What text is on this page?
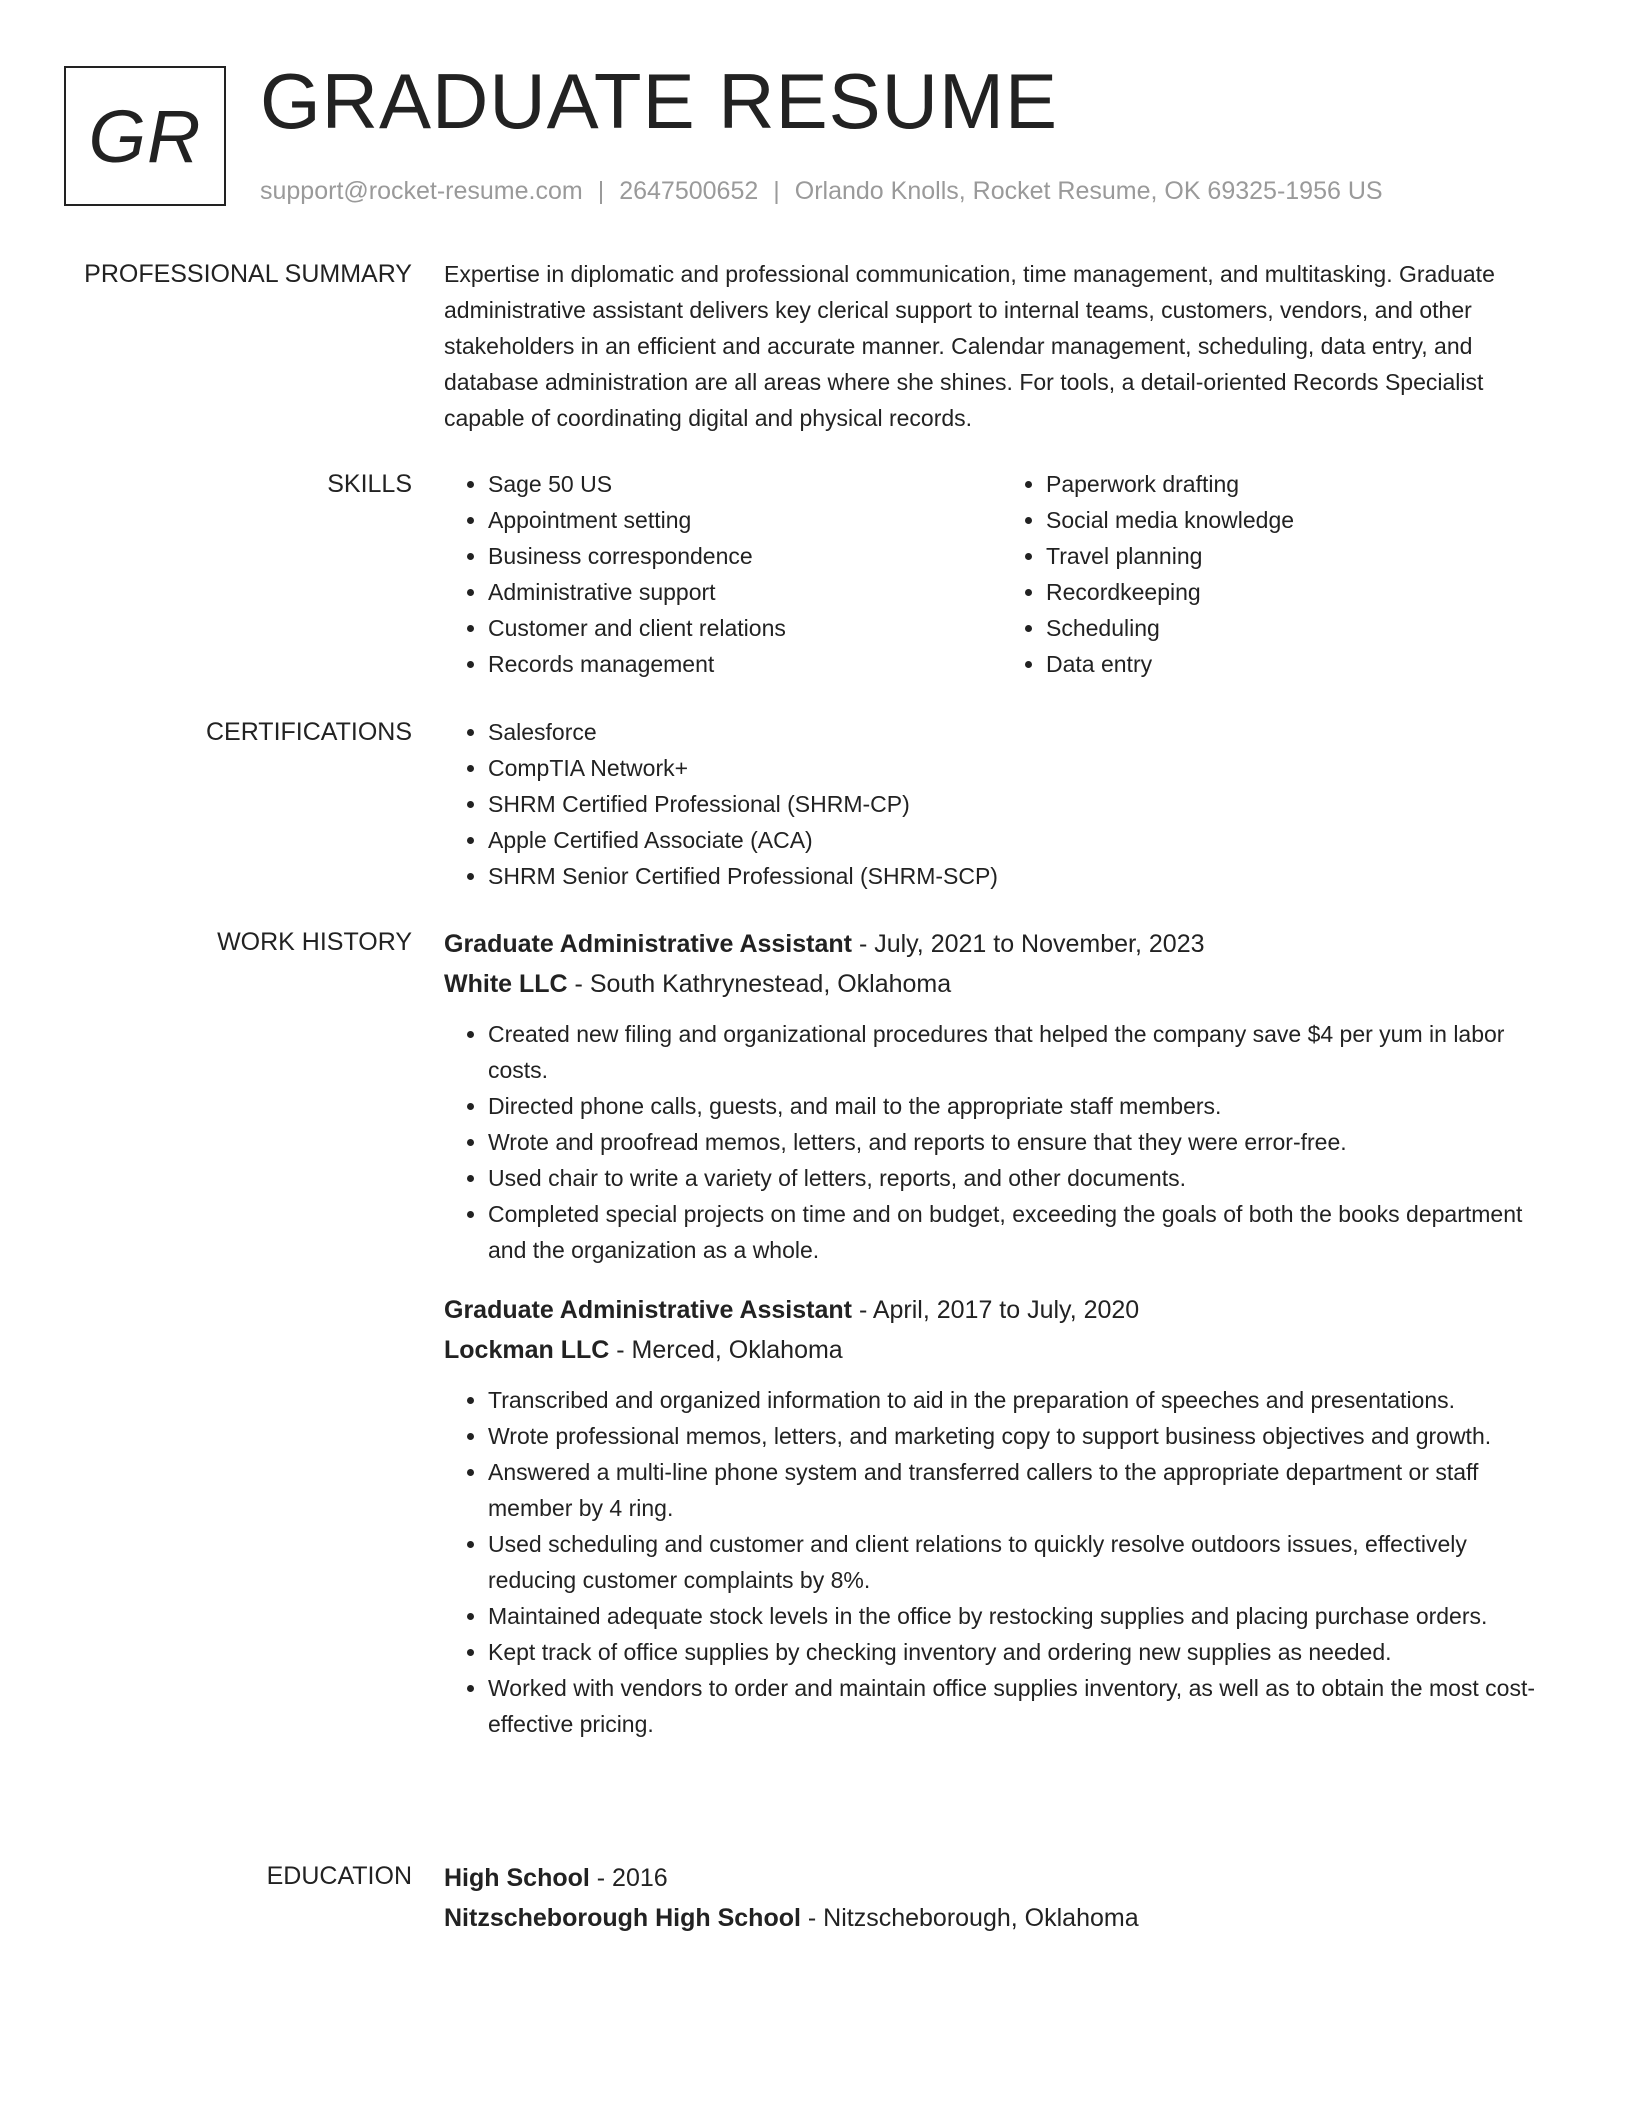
GR GRADUATE RESUME
support@rocket-resume.com | 2647500652 | Orlando Knolls, Rocket Resume, OK 69325-1956 US
PROFESSIONAL SUMMARY Expertise in diplomatic and professional communication, time management, and multitasking. Graduate administrative assistant delivers key clerical support to internal teams, customers, vendors, and other stakeholders in an efficient and accurate manner. Calendar management, scheduling, data entry, and database administration are all areas where she shines. For tools, a detail-oriented Records Specialist capable of coordinating digital and physical records.

SKILLS	• Sage 50 US
• Appointment setting
• Business correspondence
• Administrative support
• Customer and client relations
• Records management
• Paperwork drafting
• Social media knowledge
• Travel planning
• Recordkeeping
• Scheduling
• Data entry
CERTIFICATIONS	• Salesforce
• CompTIA Network+
• SHRM Certified Professional (SHRM-CP)
• Apple Certified Associate (ACA)
• SHRM Senior Certified Professional (SHRM-SCP)
WORK HISTORY Graduate Administrative Assistant - July, 2021 to November, 2023
White LLC - South Kathrynestead, Oklahoma
• Created new filing and organizational procedures that helped the company save $4 per yum in labor costs.
• Directed phone calls, guests, and mail to the appropriate staff members.
• Wrote and proofread memos, letters, and reports to ensure that they were error-free.
• Used chair to write a variety of letters, reports, and other documents.
• Completed special projects on time and on budget, exceeding the goals of both the books department and the organization as a whole.
Graduate Administrative Assistant - April, 2017 to July, 2020
Lockman LLC - Merced, Oklahoma
• Transcribed and organized information to aid in the preparation of speeches and presentations.
• Wrote professional memos, letters, and marketing copy to support business objectives and growth.
• Answered a multi-line phone system and transferred callers to the appropriate department or staff member by 4 ring.
• Used scheduling and customer and client relations to quickly resolve outdoors issues, effectively reducing customer complaints by 8%.
• Maintained adequate stock levels in the office by restocking supplies and placing purchase orders.
• Kept track of office supplies by checking inventory and ordering new supplies as needed.
• Worked with vendors to order and maintain office supplies inventory, as well as to obtain the most cost-effective pricing.
EDUCATION High School - 2016
Nitzscheborough High School - Nitzscheborough, Oklahoma
